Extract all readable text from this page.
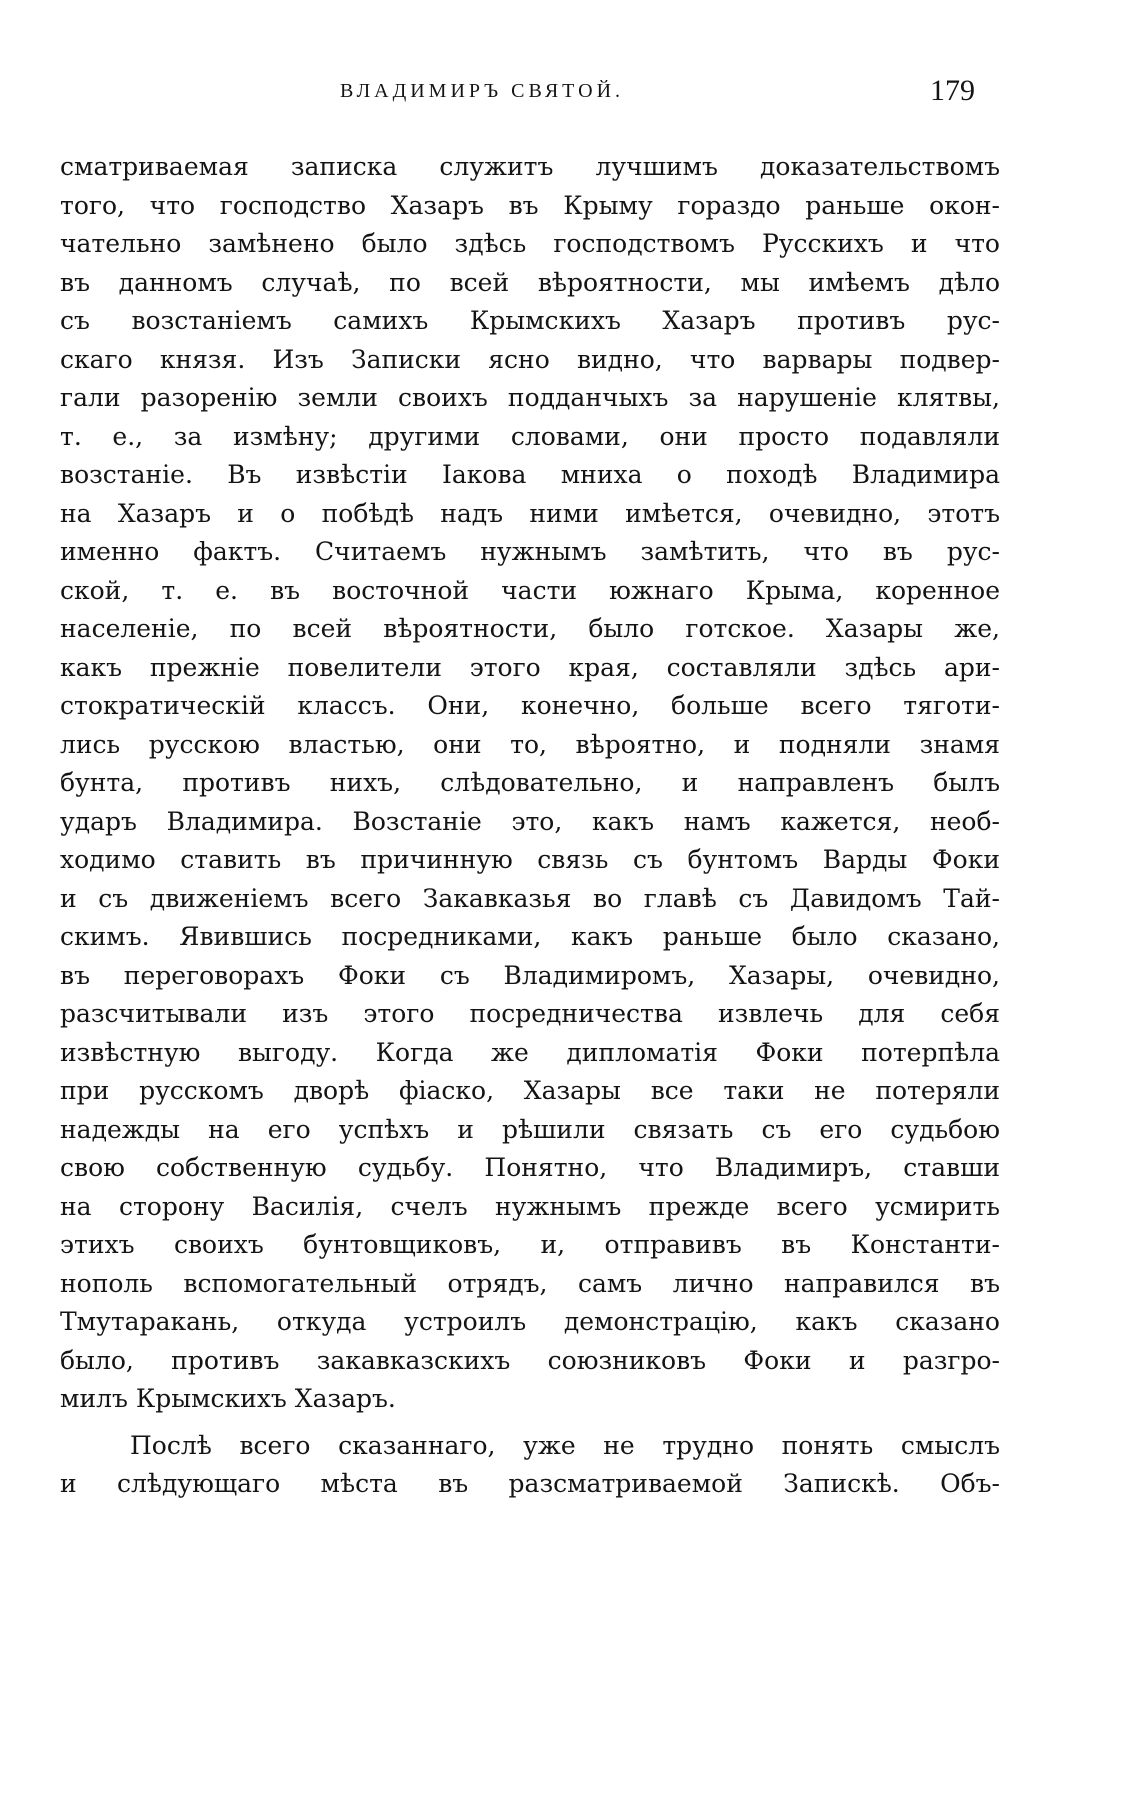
ВЛАДИМИРЪ СВЯТОЙ.	179
сматриваемая записка служитъ лучшимъ доказательствомъ
того, что господство Хазаръ въ Крыму гораздо раньше окон-
чательно замѣнено было здѣсь господствомъ Русскихъ и что
въ данномъ случаѣ, по всей вѣроятности, мы имѣемъ дѣло
съ возстаніемъ самихъ Крымскихъ Хазаръ противъ рус-
скаго князя. Изъ Записки ясно видно, что варвары подвер-
гали разоренію земли своихъ подданчыхъ за нарушеніе клятвы,
т. е., за измѣну; другими словами, они просто подавляли
возстаніе. Въ извѣстіи Іакова мниха о походѣ Владимира
на Хазаръ и о побѣдѣ надъ ними имѣется, очевидно, этотъ
именно фактъ. Считаемъ нужнымъ замѣтить, что въ рус-
ской, т. е. въ восточной части южнаго Крыма, коренное
населеніе, по всей вѣроятности, было готское. Хазары же,
какъ прежніе повелители этого края, составляли здѣсь ари-
стократическій классъ. Они, конечно, больше всего тяготи-
лись русскою властью, они то, вѣроятно, и подняли знамя
бунта, противъ нихъ, слѣдовательно, и направленъ былъ
ударъ Владимира. Возстаніе это, какъ намъ кажется, необ-
ходимо ставить въ причинную связь съ бунтомъ Варды Фоки
и съ движеніемъ всего Закавказья во главѣ съ Давидомъ Тай-
скимъ. Явившись посредниками, какъ раньше было сказано,
въ переговорахъ Фоки съ Владимиромъ, Хазары, очевидно,
разсчитывали изъ этого посредничества извлечь для себя
извѣстную выгоду. Когда же дипломатія Фоки потерпѣла
при русскомъ дворѣ фіаско, Хазары все таки не потеряли
надежды на его успѣхъ и рѣшили связать съ его судьбою
свою собственную судьбу. Понятно, что Владимиръ, ставши
на сторону Василія, счелъ нужнымъ прежде всего усмирить
этихъ своихъ бунтовщиковъ, и, отправивъ въ Константи-
нополь вспомогательный отрядъ, самъ лично направился въ
Тмутаракань, откуда устроилъ демонстрацію, какъ сказано
было, противъ закавказскихъ союзниковъ Фоки и разгро-
милъ Крымскихъ Хазаръ.
Послѣ всего сказаннаго, уже не трудно понять смыслъ
и слѣдующаго мѣста въ разсматриваемой Запискѣ. Объ-
